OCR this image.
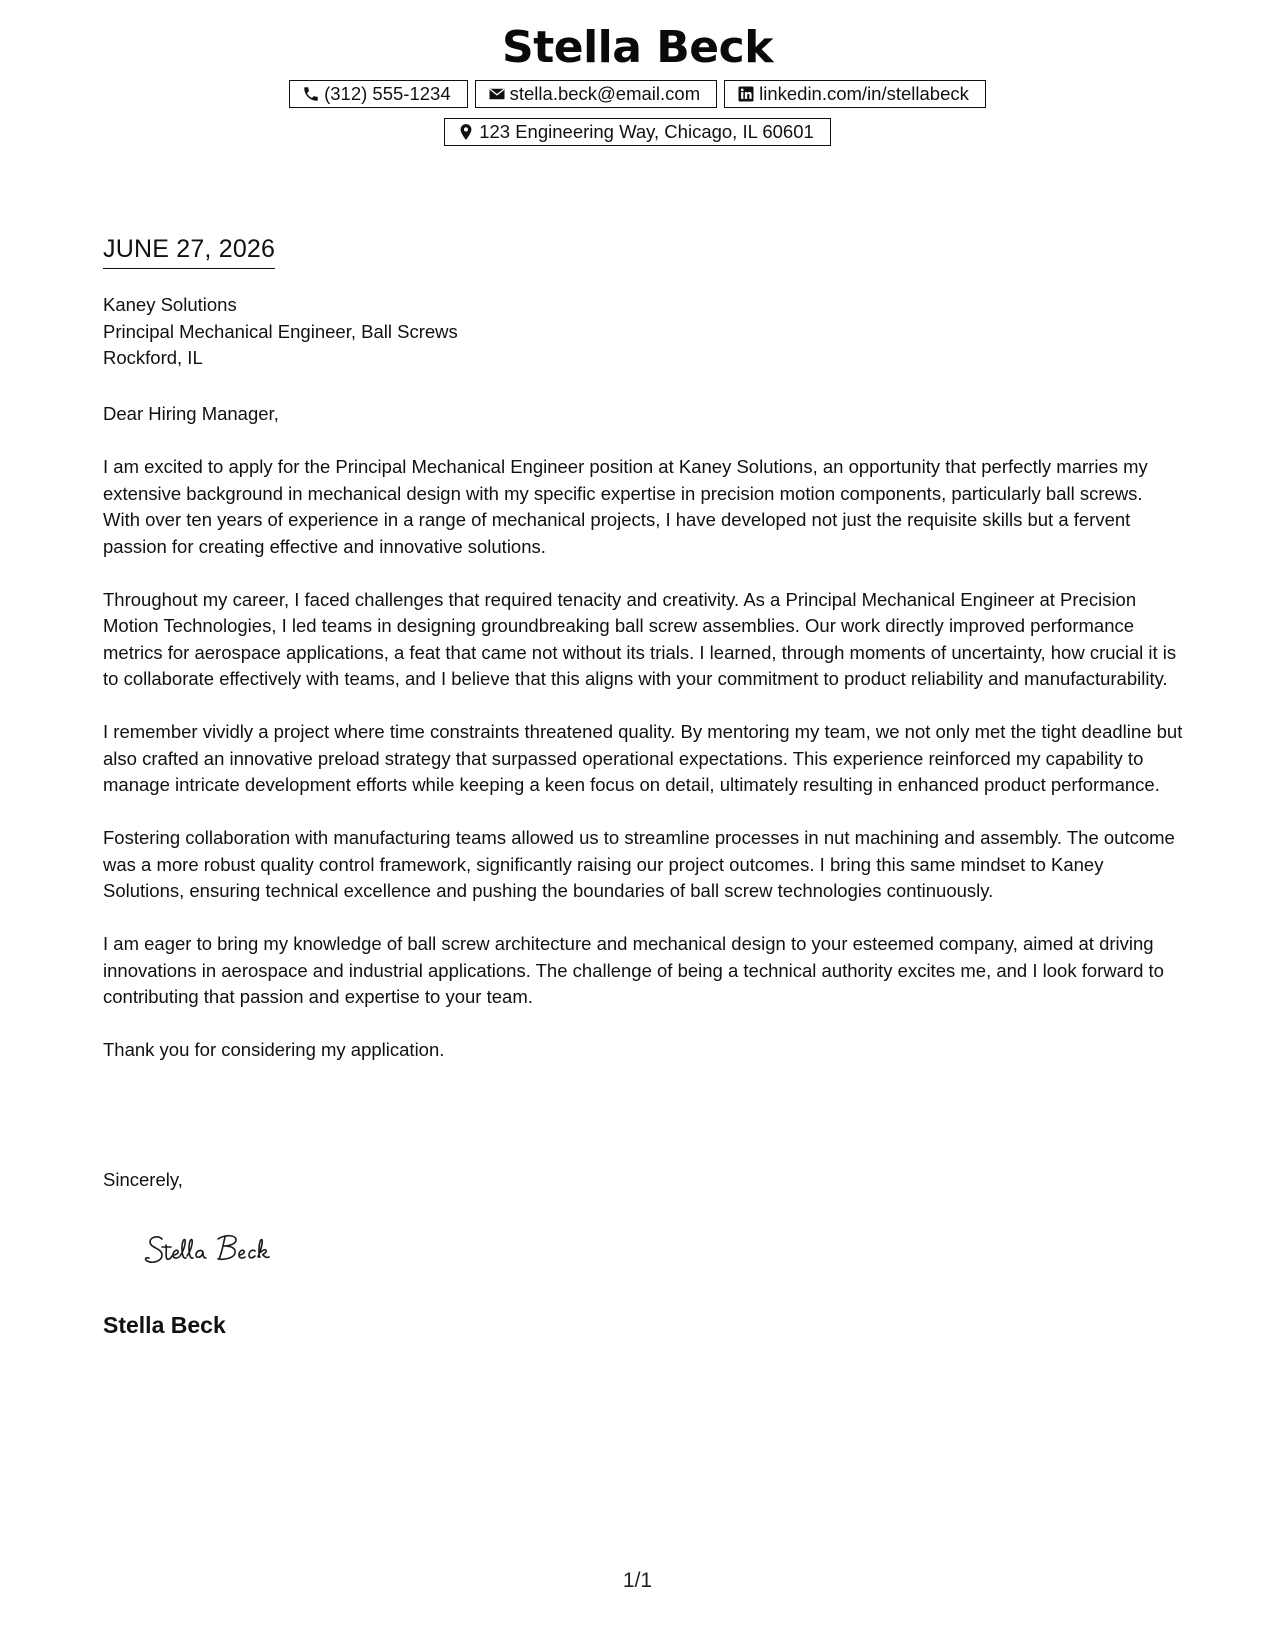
Stella Beck
(312) 555-1234	stella.beck@email.com	linkedin.com/in/stellabeck
123 Engineering Way, Chicago, IL 60601
JUNE 27, 2026
Kaney Solutions
Principal Mechanical Engineer, Ball Screws
Rockford, IL

Dear Hiring Manager,

I am excited to apply for the Principal Mechanical Engineer position at Kaney Solutions, an opportunity that perfectly marries my extensive background in mechanical design with my specific expertise in precision motion components, particularly ball screws. With over ten years of experience in a range of mechanical projects, I have developed not just the requisite skills but a fervent passion for creating effective and innovative solutions.

Throughout my career, I faced challenges that required tenacity and creativity. As a Principal Mechanical Engineer at Precision Motion Technologies, I led teams in designing groundbreaking ball screw assemblies. Our work directly improved performance metrics for aerospace applications, a feat that came not without its trials. I learned, through moments of uncertainty, how crucial it is to collaborate effectively with teams, and I believe that this aligns with your commitment to product reliability and manufacturability.

I remember vividly a project where time constraints threatened quality. By mentoring my team, we not only met the tight deadline but also crafted an innovative preload strategy that surpassed operational expectations. This experience reinforced my capability to manage intricate development efforts while keeping a keen focus on detail, ultimately resulting in enhanced product performance.

Fostering collaboration with manufacturing teams allowed us to streamline processes in nut machining and assembly. The outcome was a more robust quality control framework, significantly raising our project outcomes. I bring this same mindset to Kaney Solutions, ensuring technical excellence and pushing the boundaries of ball screw technologies continuously.

I am eager to bring my knowledge of ball screw architecture and mechanical design to your esteemed company, aimed at driving innovations in aerospace and industrial applications. The challenge of being a technical authority excites me, and I look forward to contributing that passion and expertise to your team.

Thank you for considering my application.

Sincerely,
Stella Beck
1/1
